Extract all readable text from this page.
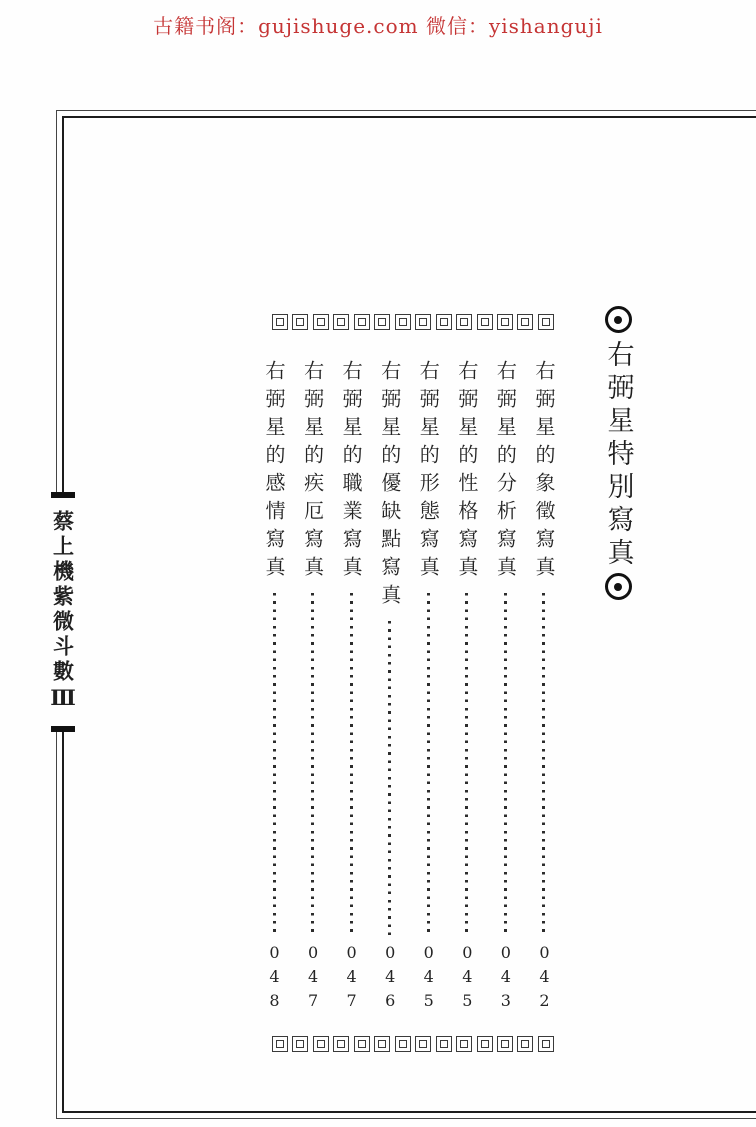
古籍书阁：gujishuge.com 微信：yishanguji
蔡上機紫微斗數Ⅲ
右弼星特別寫真
右弼星的象徵寫真
042
右弼星的分析寫真
043
右弼星的性格寫真
045
右弼星的形態寫真
045
右弼星的優缺點寫真
046
右弼星的職業寫真
047
右弼星的疾厄寫真
047
右弼星的感情寫真
048
